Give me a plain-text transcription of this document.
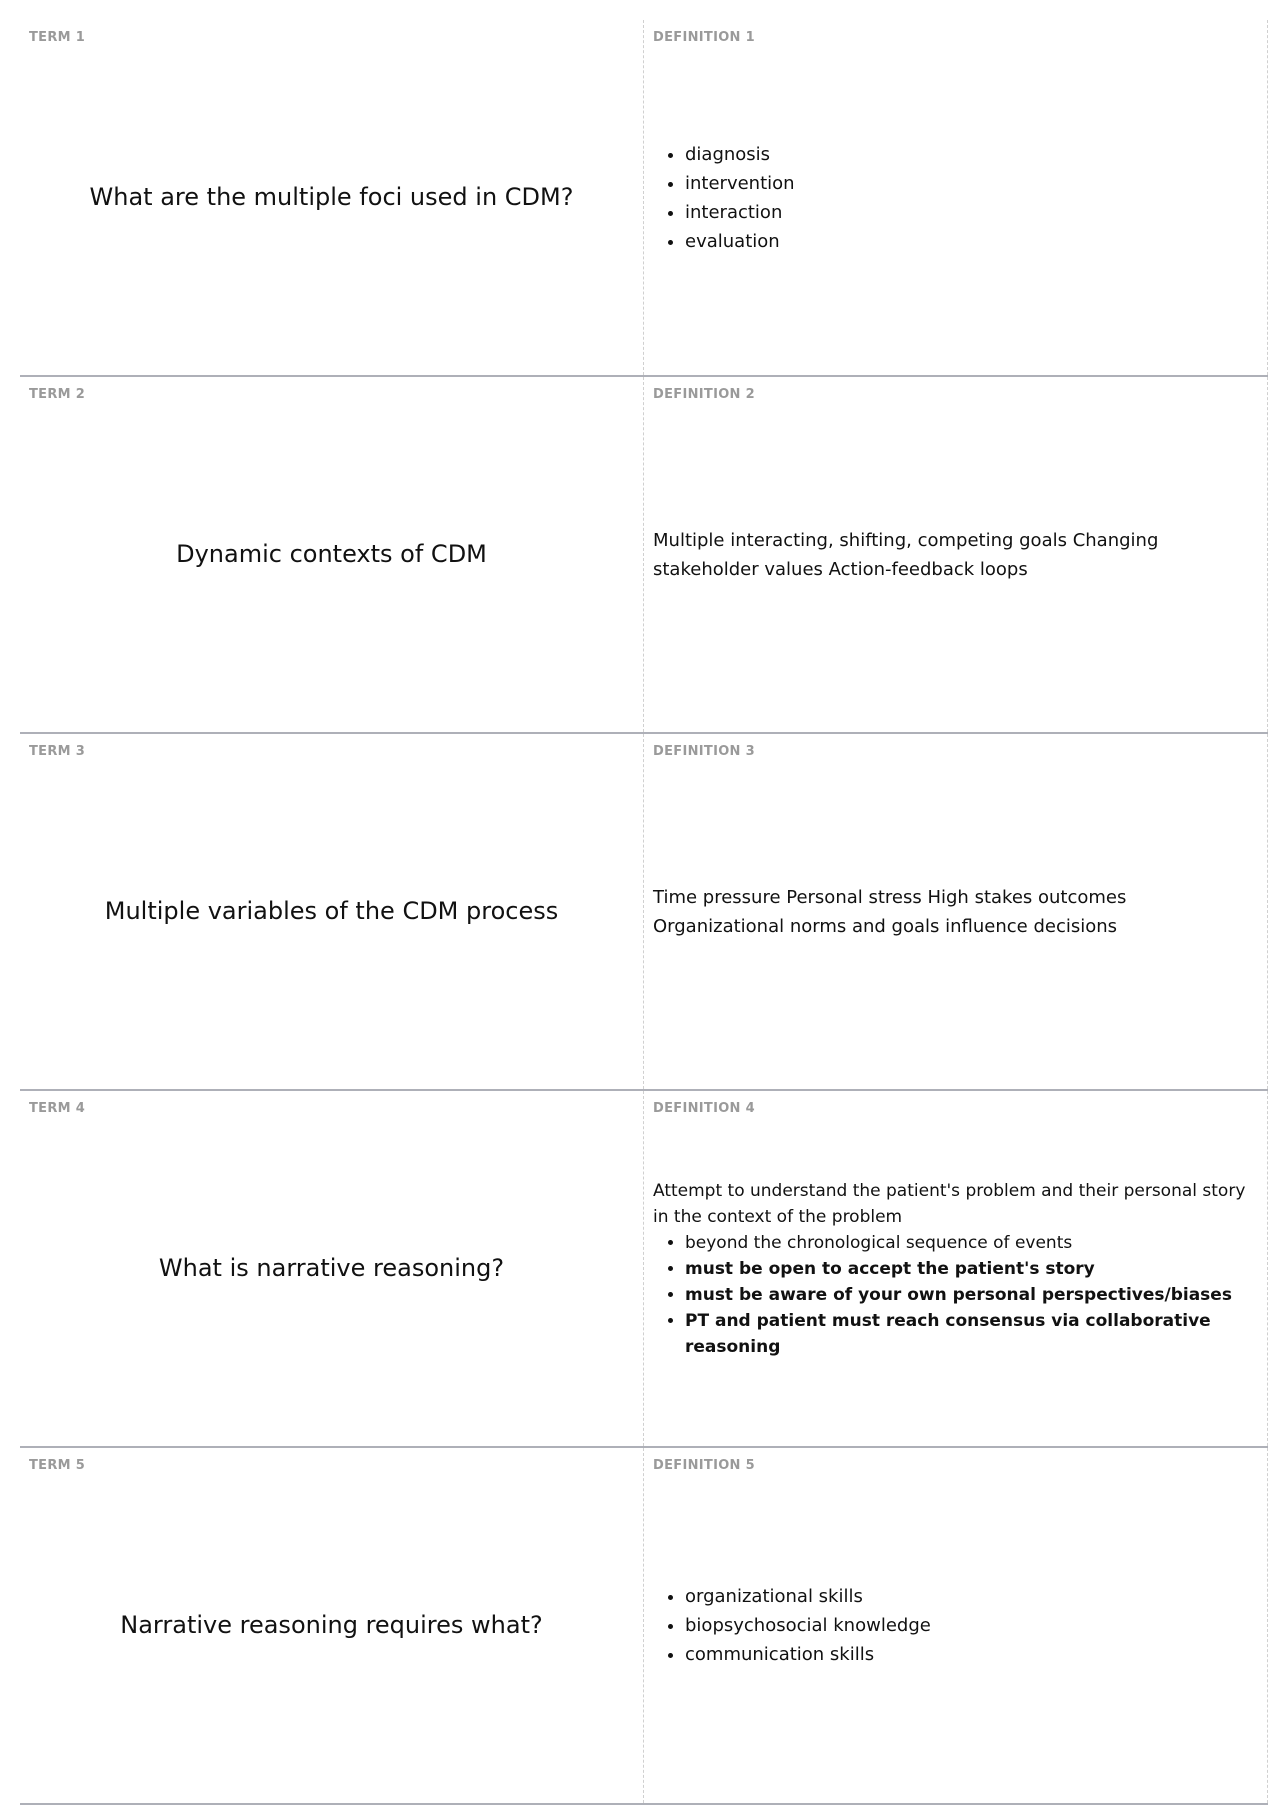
TERM 1
What are the multiple foci used in CDM?
DEFINITION 1
• diagnosis
• intervention
• interaction
• evaluation
TERM 2
Dynamic contexts of CDM
DEFINITION 2
Multiple interacting, shifting, competing goals Changing stakeholder values Action-feedback loops
TERM 3
Multiple variables of the CDM process
DEFINITION 3
Time pressure Personal stress High stakes outcomes Organizational norms and goals influence decisions
TERM 4
What is narrative reasoning?
DEFINITION 4
Attempt to understand the patient's problem and their personal story in the context of the problem
• beyond the chronological sequence of events
• must be open to accept the patient's story
• must be aware of your own personal perspectives/biases
• PT and patient must reach consensus via collaborative reasoning
TERM 5
Narrative reasoning requires what?
DEFINITION 5
• organizational skills
• biopsychosocial knowledge
• communication skills
